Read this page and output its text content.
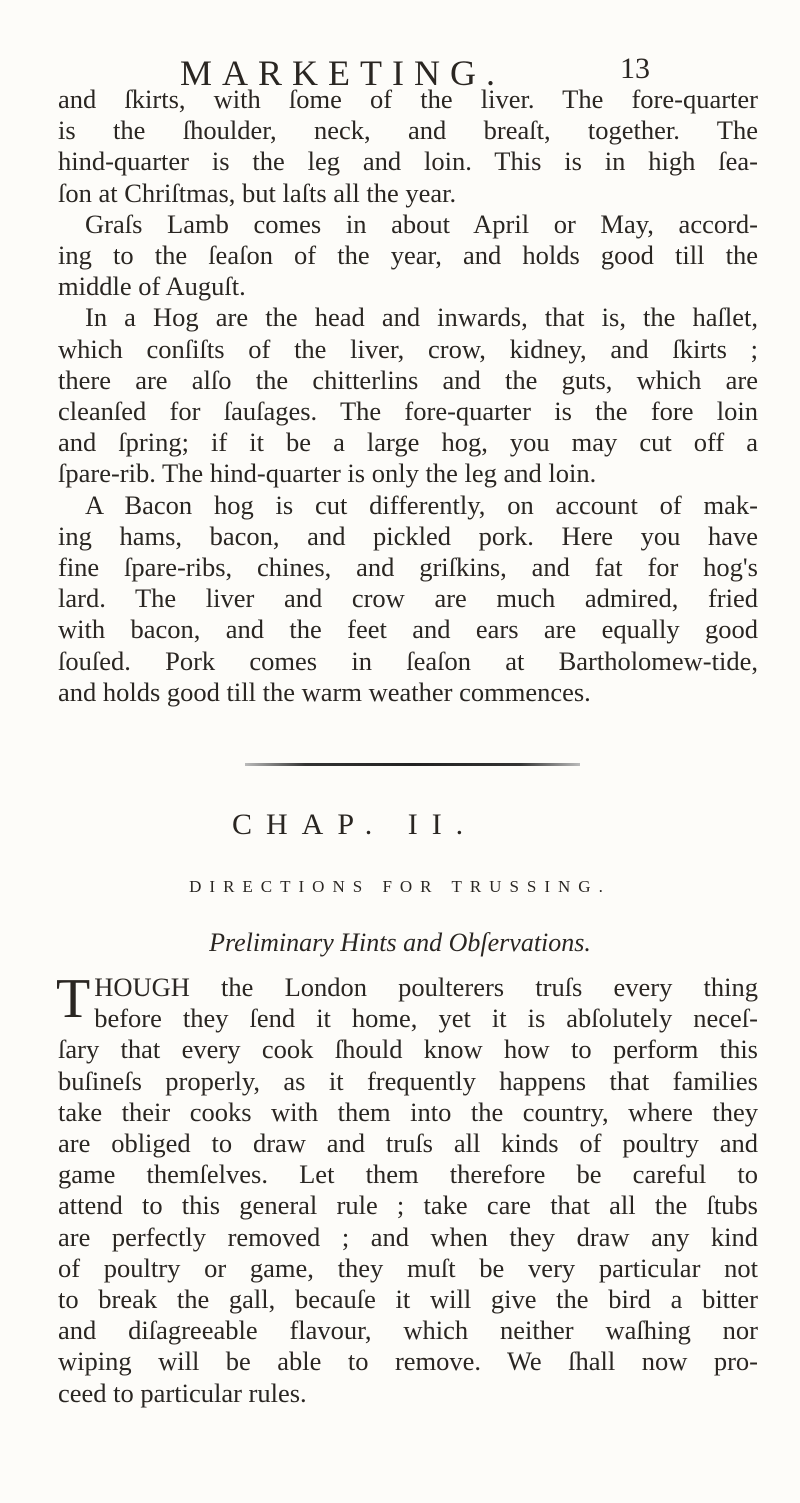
MARKETING.	13
and ſkirts, with ſome of the liver. The fore-quarter
is the ſhoulder, neck, and breaſt, together. The
hind-quarter is the leg and loin. This is in high ſea-
ſon at Chriſtmas, but laſts all the year.
Graſs Lamb comes in about April or May, accord-
ing to the ſeaſon of the year, and holds good till the
middle of Auguſt.
In a Hog are the head and inwards, that is, the haſlet,
which conſiſts of the liver, crow, kidney, and ſkirts ;
there are alſo the chitterlins and the guts, which are
cleanſed for ſauſages. The fore-quarter is the fore loin
and ſpring; if it be a large hog, you may cut off a
ſpare-rib. The hind-quarter is only the leg and loin.
A Bacon hog is cut differently, on account of mak-
ing hams, bacon, and pickled pork. Here you have
fine ſpare-ribs, chines, and griſkins, and fat for hog's
lard. The liver and crow are much admired, fried
with bacon, and the feet and ears are equally good
ſouſed. Pork comes in ſeaſon at Bartholomew-tide,
and holds good till the warm weather commences.
CHAP. II.
DIRECTIONS FOR TRUSSING.
Preliminary Hints and Obſervations.
T HOUGH the London poulterers truſs every thing
before they ſend it home, yet it is abſolutely neceſ-
ſary that every cook ſhould know how to perform this
buſineſs properly, as it frequently happens that families
take their cooks with them into the country, where they
are obliged to draw and truſs all kinds of poultry and
game themſelves. Let them therefore be careful to
attend to this general rule ; take care that all the ſtubs
are perfectly removed ; and when they draw any kind
of poultry or game, they muſt be very particular not
to break the gall, becauſe it will give the bird a bitter
and diſagreeable flavour, which neither waſhing nor
wiping will be able to remove. We ſhall now pro-
ceed to particular rules.
